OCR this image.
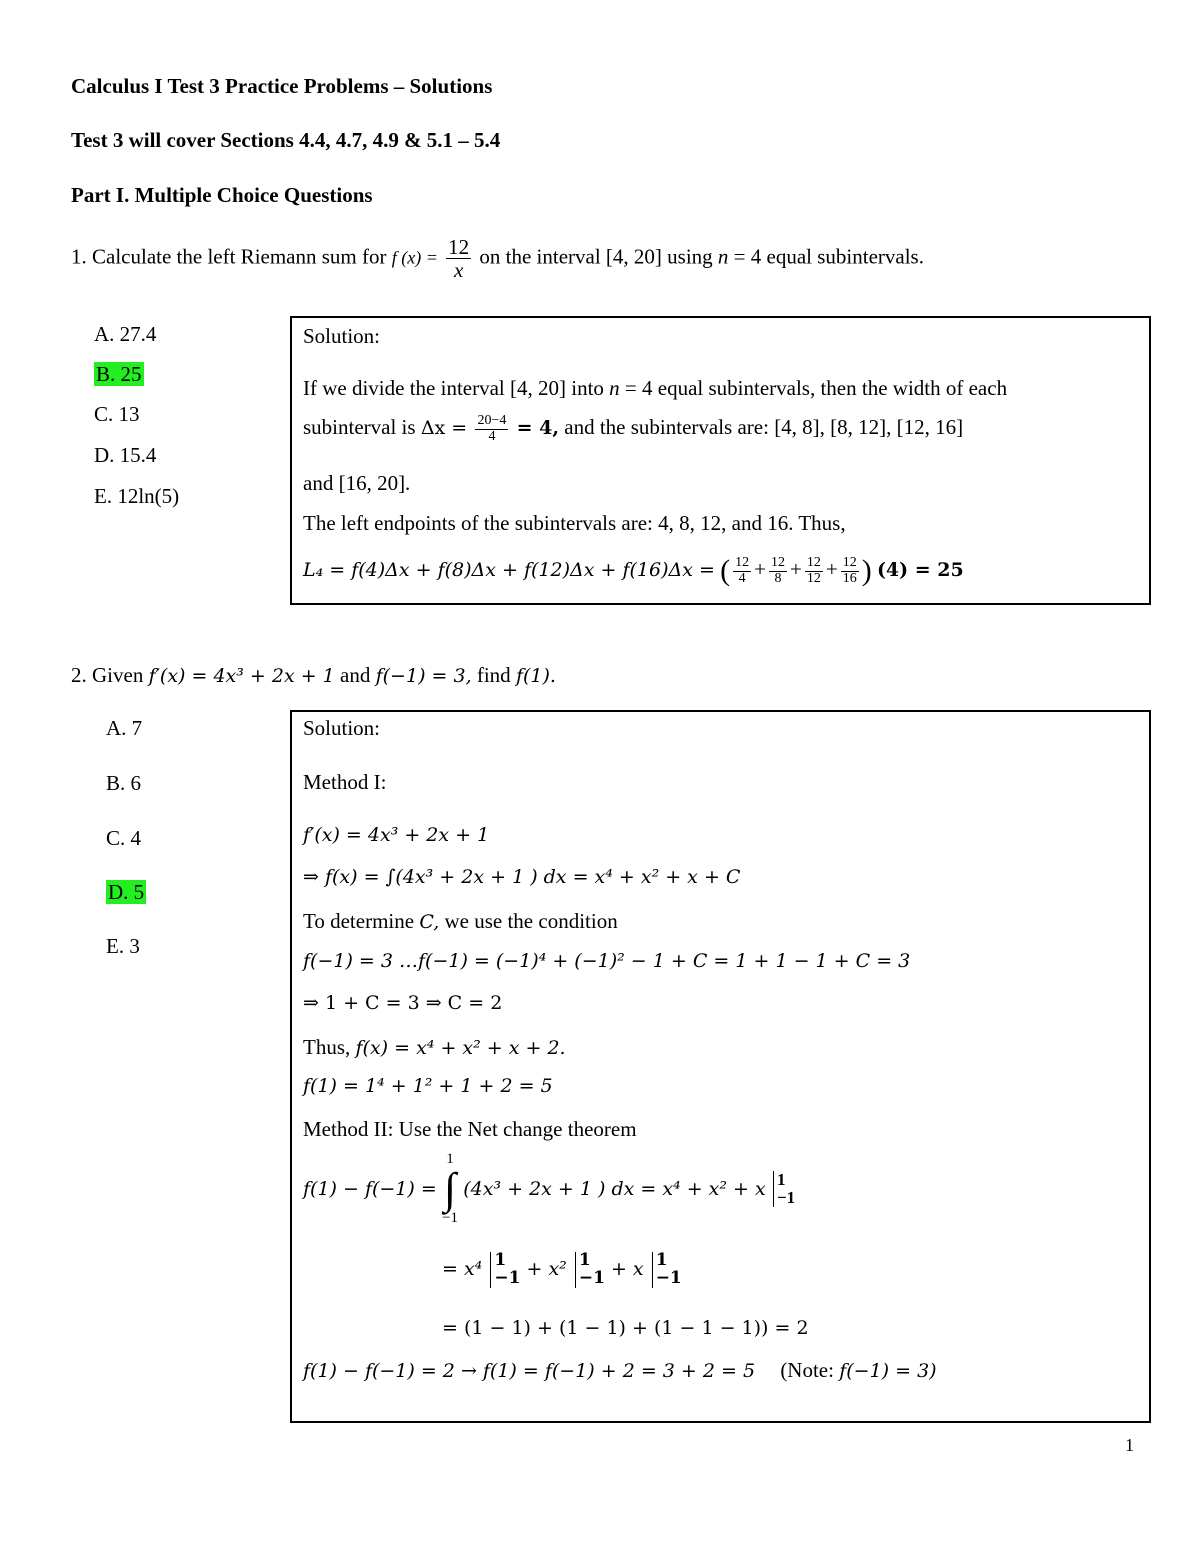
Calculus I Test 3 Practice Problems – Solutions
Test 3 will cover Sections 4.4, 4.7, 4.9 & 5.1 – 5.4
Part I. Multiple Choice Questions
1. Calculate the left Riemann sum for f $(x) = \frac{12}{x}$ on the interval [4, 20] using n = 4 equal subintervals.
A. 27.4
B. 25
C. 13
D. 15.4
E. 12ln(5)
Solution:
If we divide the interval [4, 20] into n = 4 equal subintervals, then the width of each
subinterval is $\Delta x = \frac{20-4}{4} = 4$, and the subintervals are: [4, 8], [8, 12], [12, 16]
and [16, 20].
The left endpoints of the subintervals are: 4, 8, 12, and 16. Thus,
L₄ = f(4)Δx + f(8)Δx + f(12)Δx + f(16)Δx = ( $\frac{12}{4} + \frac{12}{8} + \frac{12}{12} + \frac{12}{16}$ ) (4) = 25
2. Given f′(x) = 4x³ + 2x + 1 and f(−1) = 3, find f(1).
A. 7
B. 6
C. 4
D. 5
E. 3
Solution:
Method I:
f′(x) = 4x³ + 2x + 1
⇒ f(x) = ∫(4x³ + 2x + 1 ) dx = x⁴ + x² + x + C
To determine C, we use the condition
f(−1) = 3 …f(−1) = (−1)⁴ + (−1)² − 1 + C = 1 + 1 − 1 + C = 3
⇒ 1 + C = 3 ⇒ C = 2
Thus, f(x) = x⁴ + x² + x + 2.
f(1) = 1⁴ + 1² + 1 + 2 = 5
Method II: Use the Net change theorem
f(1) − f(−1) =
1
∫
−1
(4x³ + 2x + 1 ) dx = x⁴ + x² + x 1
−1
= x⁴ 1
−1 + x² 1
−1 + x 1
−1
= (1 − 1) + (1 − 1) + (1 − 1 − 1)) = 2
f(1) − f(−1) = 2 → f(1) = f(−1) + 2 = 3 + 2 = 5 (Note: f(−1) = 3)
1
